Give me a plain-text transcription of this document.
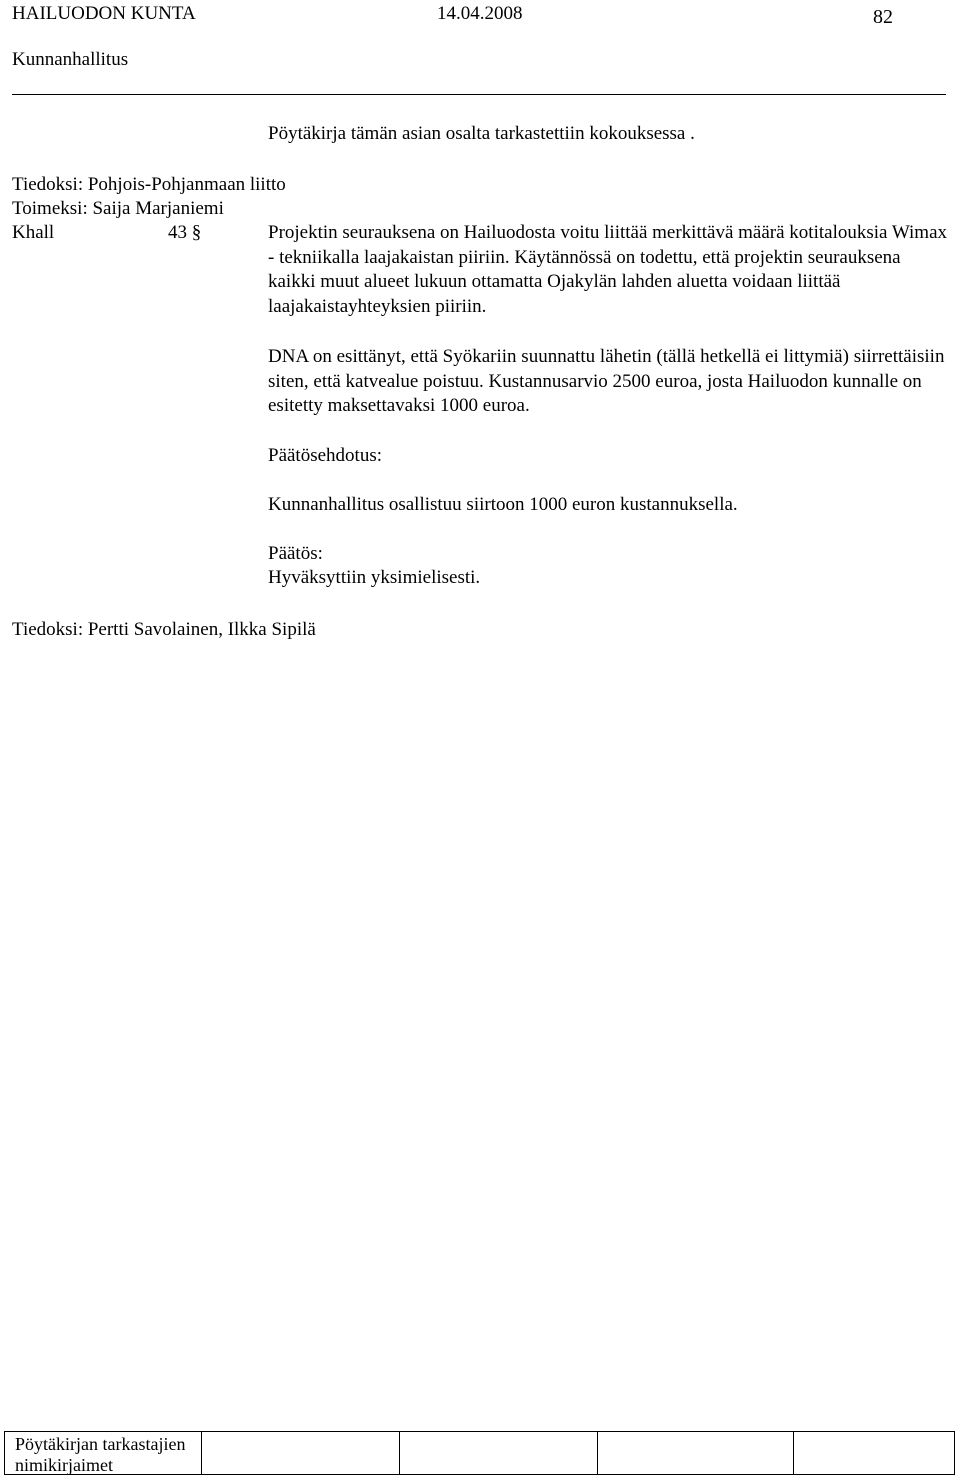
HAILUODON KUNTA	14.04.2008	82
Kunnanhallitus
Pöytäkirja tämän asian osalta tarkastettiin kokouksessa .
Tiedoksi: Pohjois-Pohjanmaan liitto
Toimeksi: Saija Marjaniemi
Khall	43 §	Projektin seurauksena on Hailuodosta voitu liittää merkittävä määrä kotitalouksia Wimax - tekniikalla laajakaistan piiriin. Käytännössä on todettu, että projektin seurauksena kaikki muut alueet lukuun ottamatta Ojakylän lahden aluetta voidaan liittää laajakaistayhteyksien piiriin.
DNA on esittänyt, että Syökariin suunnattu lähetin (tällä hetkellä ei littymiä) siirrettäisiin siten, että katvealue poistuu. Kustannusarvio 2500 euroa, josta Hailuodon kunnalle on esitetty maksettavaksi 1000 euroa.
Päätösehdotus:
Kunnanhallitus osallistuu siirtoon 1000 euron kustannuksella.
Päätös:
Hyväksyttiin yksimielisesti.
Tiedoksi: Pertti Savolainen, Ilkka Sipilä
Pöytäkirjan tarkastajien
nimikirjaimet
